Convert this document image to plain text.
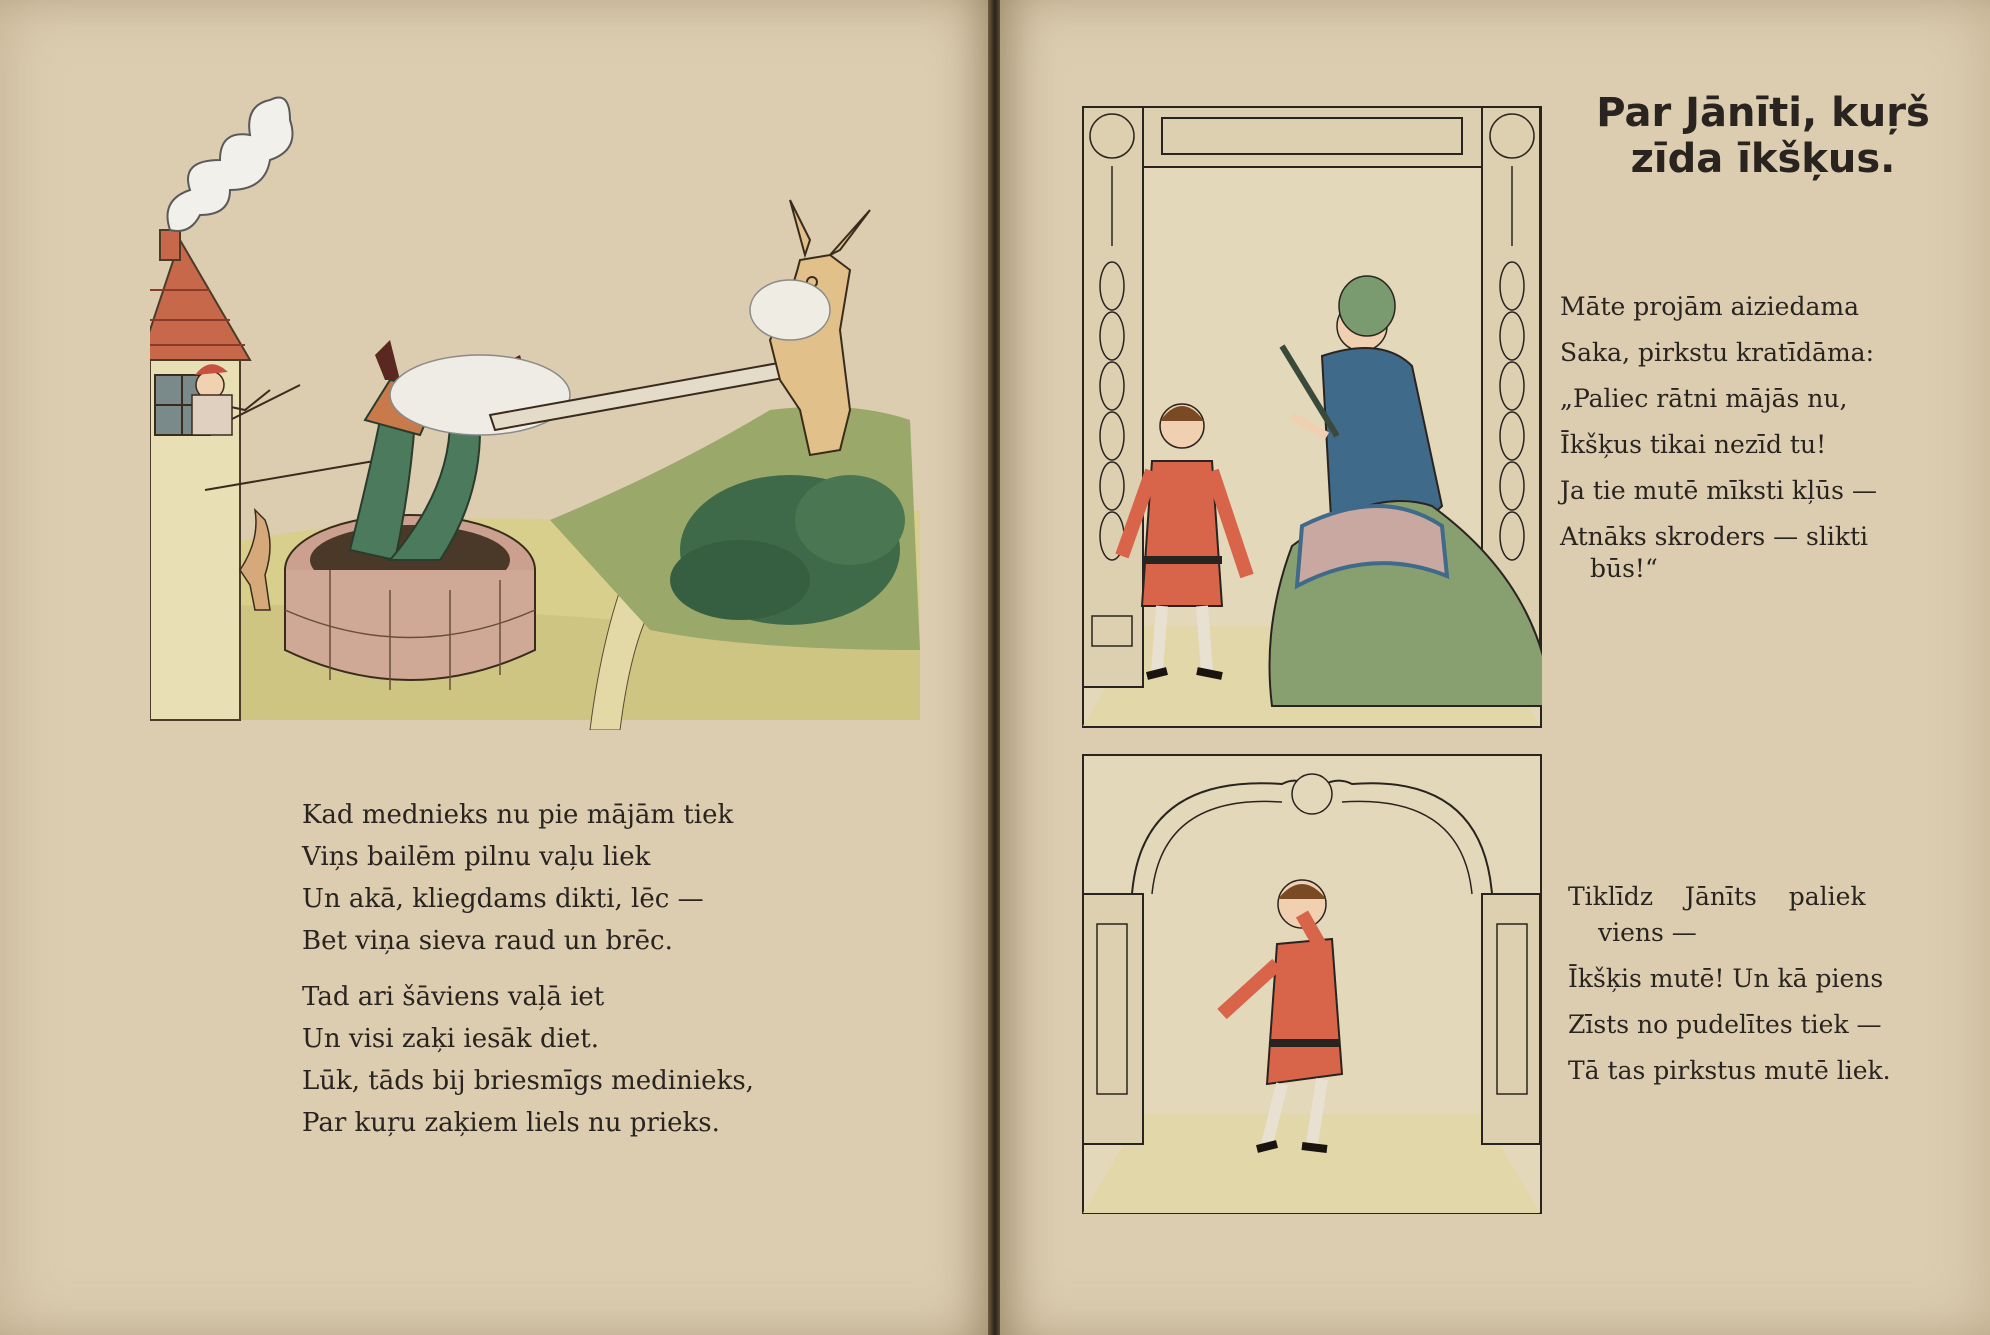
Kad mednieks nu pie mājām tiek
Viņs bailēm pilnu vaļu liek
Un akā, kliegdams dikti, lēc —
Bet viņa sieva raud un brēc.
Tad ari šāviens vaļā iet
Un visi zaķi iesāk diet.
Lūk, tāds bij briesmīgs medinieks,
Par kuŗu zaķiem liels nu prieks.
Par Jānīti, kuŗš
zīda īkšķus.
Māte projām aiziedama
Saka, pirkstu kratīdāma:
„Paliec rātni mājās nu,
Īkšķus tikai nezīd tu!
Ja tie mutē mīksti kļūs —
Atnāks skroders — slikti
būs!“
Tiklīdz Jānīts paliek
viens —
Īkšķis mutē! Un kā piens
Zīsts no pudelītes tiek —
Tā tas pirkstus mutē liek.
